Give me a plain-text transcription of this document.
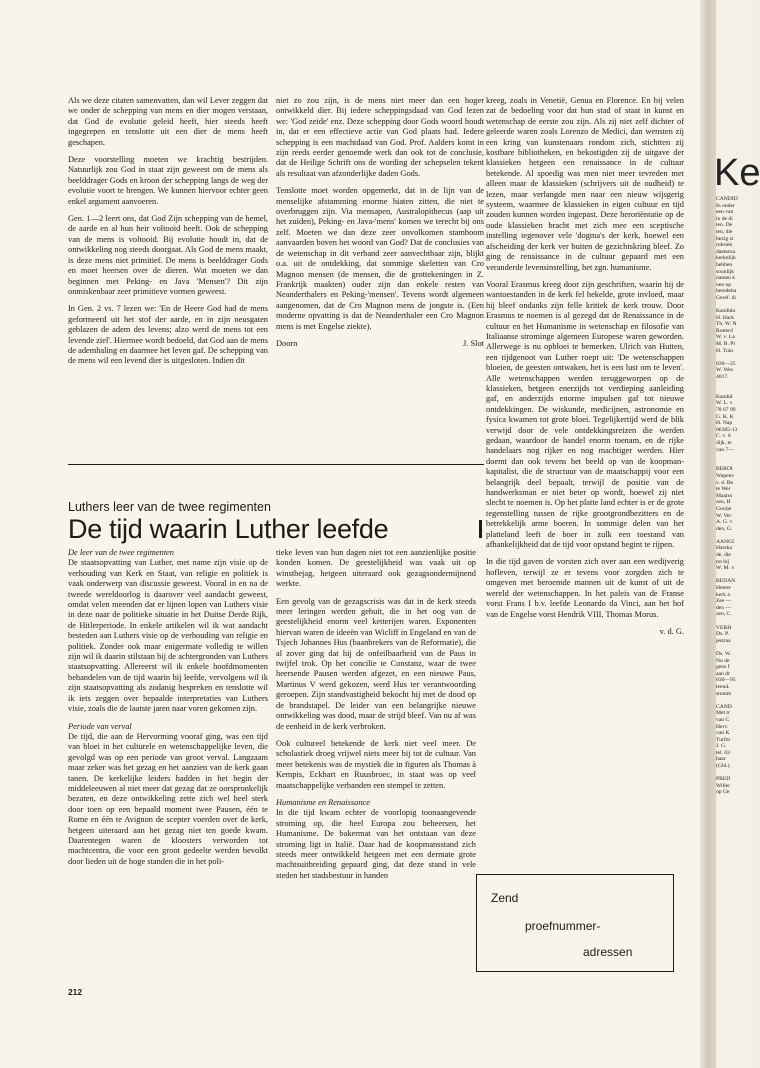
Als we deze citaten samenvatten, dan wil Lever zeggen dat we onder de schepping van mens en dier mogen verstaan, dat God de evolutie geleid heeft, hier steeds heeft ingegrepen en tenslotte uit een dier de mens heeft geschapen.

Deze voorstelling moeten we krachtig bestrijden. Natuurlijk zou God in staat zijn geweest om de mens als beelddrager Gods en kroon der schepping langs de weg der evolutie voort te brengen. We kunnen hiervoor echter geen enkel argument aanvoeren.

Gen. 1—2 leert ons, dat God Zijn schepping van de hemel, de aarde en al hun heir voltooid heeft. Ook de schepping van de mens is voltooid. Bij evolutie houdt in, dat de ontwikkeling nog steeds doorgaat. Als God de mens maakt, is deze mens niet primitief. De mens is beelddrager Gods en moet heersen over de dieren. Wat moeten we dan beginnen met Peking- en Java 'Mensen'? Dit zijn onmiskenbaar zeer primitieve vormen geweest.

In Gen. 2 vs. 7 lezen we: 'En de Heere God had de mens geformeerd uit het stof der aarde, en in zijn neusgaten geblazen de adem des levens; alzo werd de mens tot een levende ziel'. Hiermee wordt bedoeld, dat God aan de mens de ademhaling en daarmee het leven gaf. De schepping van de mens wil een levend dier is uitgesloten. Indien dit

niet zo zou zijn, is de mens niet meer dan een hoger ontwikkeld dier. Bij iedere scheppingsdaad van God lezen we: 'God zeide' enz. Deze schepping door Gods woord houdt in, dat er een effectieve actie van God plaats had. Iedere schepping is een machtdaad van God. Prof. Aalders komt in zijn reeds eerder genoemde werk dan ook tot de conclusie, dat de Heilige Schrift ons de wording der schepselen tekent als resultaat van afzonderlijke daden Gods.

Tenslotte moet worden opgemerkt, dat in de lijn van de menselijke afstamming enorme hiaten zitten, die niet te overbruggen zijn. Via mensapen, Australopithecus (aap uit het zuiden), Peking- en Java-'mens' komen we terecht bij ons zelf. Moeten we dan deze zeer onvolkomen stamboom aanvaarden boven het woord van God? Dat de conclusies van de wetenschap in dit verband zeer aanvechtbaar zijn, blijkt o.a. uit de ontdekking, dat sommige skeletten van Cro Magnon mensen (de mensen, die de grottekeningen in Z. Frankrijk maakten) ouder zijn dan enkele resten van Neanderthalers en Peking-'mensen'. Tevens wordt algemeen aangenomen, dat de Cro Magnon mens de jongste is. (Een moderne opvatting is dat de Neanderthaler een Cro Magnon mens is met Engelse ziekte).

Doorn	J. Slot
Luthers leer van de twee regimenten
De tijd waarin Luther leefde
De leer van de twee regimenten

De staatsopvatting van Luther, met name zijn visie op de verhouding van Kerk en Staat, van religie en politiek is vaak onderwerp van discussie geweest. Vooral in en na de tweede wereldoorlog is daarover veel aandacht geweest, omdat velen meenden dat er lijnen lopen van Luthers visie in deze naar de politieke situatie in het Duitse Derde Rijk, de Hitlerperiode. In enkele artikelen wil ik wat aandacht besteden aan Luthers visie op de verhouding van religie en politiek. Zonder ook maar enigermate volledig te willen zijn wil ik daarin stilstaan bij de achtergronden van Luthers staatsopvatting. Allereerst wil ik enkele hoofdmomenten behandelen van de tijd waarin hij leefde, vervolgens wil ik zijn staatsopvatting als zodanig bespreken en tenslotte wil ik iets zeggen over bepaalde interpretaties van Luthers visie, zoals die de laatste jaren naar voren gekomen zijn.

Periode van verval

De tijd, die aan de Hervorming vooraf ging, was een tijd van bloei in het culturele en wetenschappelijke leven, die gevolgd was op een periode van groot verval. Langzaam maar zeker was het gezag en het aanzien van de kerk gaan tanen. De kerkelijke leiders hadden in het begin der middeleeuwen al niet meer dat gezag dat ze oorspronkelijk bezaten, en deze ontwikkeling zette zich wel heel sterk door toen op een bepaald moment twee Pausen, één te Rome en één te Avignon de scepter voerden over de kerk, hetgeen uiteraard aan het gezag niet ten goede kwam. Daarentegen waren de kloosters verworden tot machtcentra, die voor een groot gedeelte werden bevolkt door lieden uit de hoge standen die in het poli-

tieke leven van hun dagen niet tot een aanzienlijke positie konden komen. De geestelijkheid was vaak uit op winstbejag, hetgeen uiteraard ook gezagsondermijnend werkte.

Een gevolg van de gezagscrisis was dat in de kerk steeds meer leringen werden gehuit, die in het oog van de geestelijkheid enorm veel ketterijen waren. Exponenten hiervan waren de ideeën van Wicliff in Engeland en van de Tsjech Johannes Hus (baanbrekers van de Reformatie), die al zover ging dat hij de onfeilbaarheid van de Paus in twijfel trok. Op het concilie te Constanz, waar de twee heersende Pausen werden afgezet, en een nieuwe Paus, Martinus V werd gekozen, werd Hus ter verantwoording geroepen. Zijn standvastigheid bekocht hij met de dood op de brandstapel. De leider van een belangrijke nieuwe ontwikkeling was dood, maar de strijd bleef. Van nu af was de eenheid in de kerk verbroken.

Ook cultureel betekende de kerk niet veel meer. De scholastiek droeg vrijwel niets meer bij tot de cultuur. Van meer betekenis was de mystiek die in figuren als Thomas à Kempis, Eckhart en Ruusbroec, in staat was op veel maatschappelijke verbanden een stempel te zetten.

Humanisme en Renaissance

In die tijd kwam echter de voorlopig toonaangevende stroming op, die heel Europa zou beheersen, het Humanisme. De bakermat van het ontstaan van deze stroming ligt in Italië. Daar had de koopmansstand zich steeds meer ontwikkeld hetgeen met een dermate grote machtsuitbreiding gepaard ging, dat deze stand in vele steden het stadsbestuur in handen

kreeg, zoals in Venetië, Genua en Florence. En bij velen zat de bedoeling voor dat hun stad of staat in kunst en wetenschap de eerste zou zijn. Als zij niet zelf dichter of geleerde waren zoals Lorenzo de Medici, dan wensten zij een kring van kunstenaars rondom zich, stichtten zij kostbare bibliotheken, en bekostigden zij de uitgave der klassieken hetgeen een renaissance in de cultuur betekende. Al spoedig was men niet meer tevreden met alleen maar de klassieken (schrijvers uit de oudheid) te lezen, maar verlangde men naar een nieuw wijsgerig systeem, waarmee de klassieken in eigen cultuur en tijd zouden kunnen worden ingepast. Deze heroriëntatie op de oude klassieken bracht met zich mee een sceptische instelling tegenover vele 'dogma's der kerk, hoewel een afscheiding der kerk ver buiten de gezichtskring bleef. Zo ging de renaissance in de cultuur gepaard met een veranderde levensinstelling, het zgn. humanisme.

Vooral Erasmus kreeg door zijn geschriften, waarin hij de wantoestanden in de kerk fel hekelde, grote invloed, maar hij bleef ondanks zijn felle kritiek de kerk trouw. Door Erasmus te noemen is al gezegd dat de Renaissance in de cultuur en het Humanisme in wetenschap en filosofie van Italiaanse strominge algemeen Europese waren geworden. Allerwege is nu opbloei te bemerken. Ulrich van Hutten, een tijdgenoot van Luther roept uit: 'De wetenschappen bloeien, de geesten ontwaken, het is een lust om te leven'. Alle wetenschappen werden teruggeworpen op de klassieken, hetgeen enerzijds tot verdieping aanleiding gaf, en anderzijds enorme impulsen gaf tot nieuwe ontdekkingen. De wiskunde, medicijnen, astronomie en fysica kwamen tot grote bloei. Tegelijkertijd werd de blik verwijd door de vele ontdekkingsreizen die werden gedaan, waardoor de handel enorm toenam, en de rijke handelaars nog rijker en nog machtiger werden. Hier doemt dan ook tevens het beeld op van de koopman-kapitalist, die de structuur van de maatschappij voor een belangrijk deel bepaalt, terwijl de positie van de handwerksman er niet beter op wordt, hoewel zij niet slecht te noemen is. Op het platte land echter is er de grote tegenstelling tussen de rijke grootgrondbezitters en de betrekkelijk arme boeren. In sommige delen van het platteland leeft de boer in zulk een toestand van afhankelijkheid dat de tijd voor opstand begint te rijpen.

In die tijd gaven de vorsten zich over aan een wedijverig hofleven, terwijl ze er tevens voor zorgden zich te omgeven met beroemde mannen uit de kunst of uit de wereld der wetenschappen. In het paleis van de Franse vorst Frans I b.v. leefde Leonardo da Vinci, aan het hof van de Engelse vorst Hendrik VIII, Thomas Morus.

v. d. G.
Zend
proefnummer-
adressen
212
Ke
CANDID
In onder
een van
in de di
ten. De
ten, die
bezig zi
rubriek
daatsexa
kerkelijk
hebben
soonlijk
namen k
nen op
beredeha
Geref. di

Kandida
H. Hark
Th. W. N
Rotterd
W. v. La
M. B. Pl
H. Tuin

030—25
W. Wes
4017.

Kandid
W. L. v
78 67 99
G. K. K
H. Nap
06385-13
C. v. S
dijk, te
van 7—

BEROI
Wapenv
v. d. Be
te Wer
Maarss
zen, H
Gooije
W. Ver
A. G. v
den, G.

AANGI
Harska
de, die
tot bij
W. M. v

BEDAN
Hetere
kerk a
Zee —
den —
zen, C.

VERH
Ds. P.
jestraa

Ds. W.
Nu de
gens f
aan dr
030—95
leend.
stomm

CAND
Met tr
van C
Herv.
van K
Turfm
J. G.
tel. 03
baar
(Gld.).

PRED
Willer
op Ge
